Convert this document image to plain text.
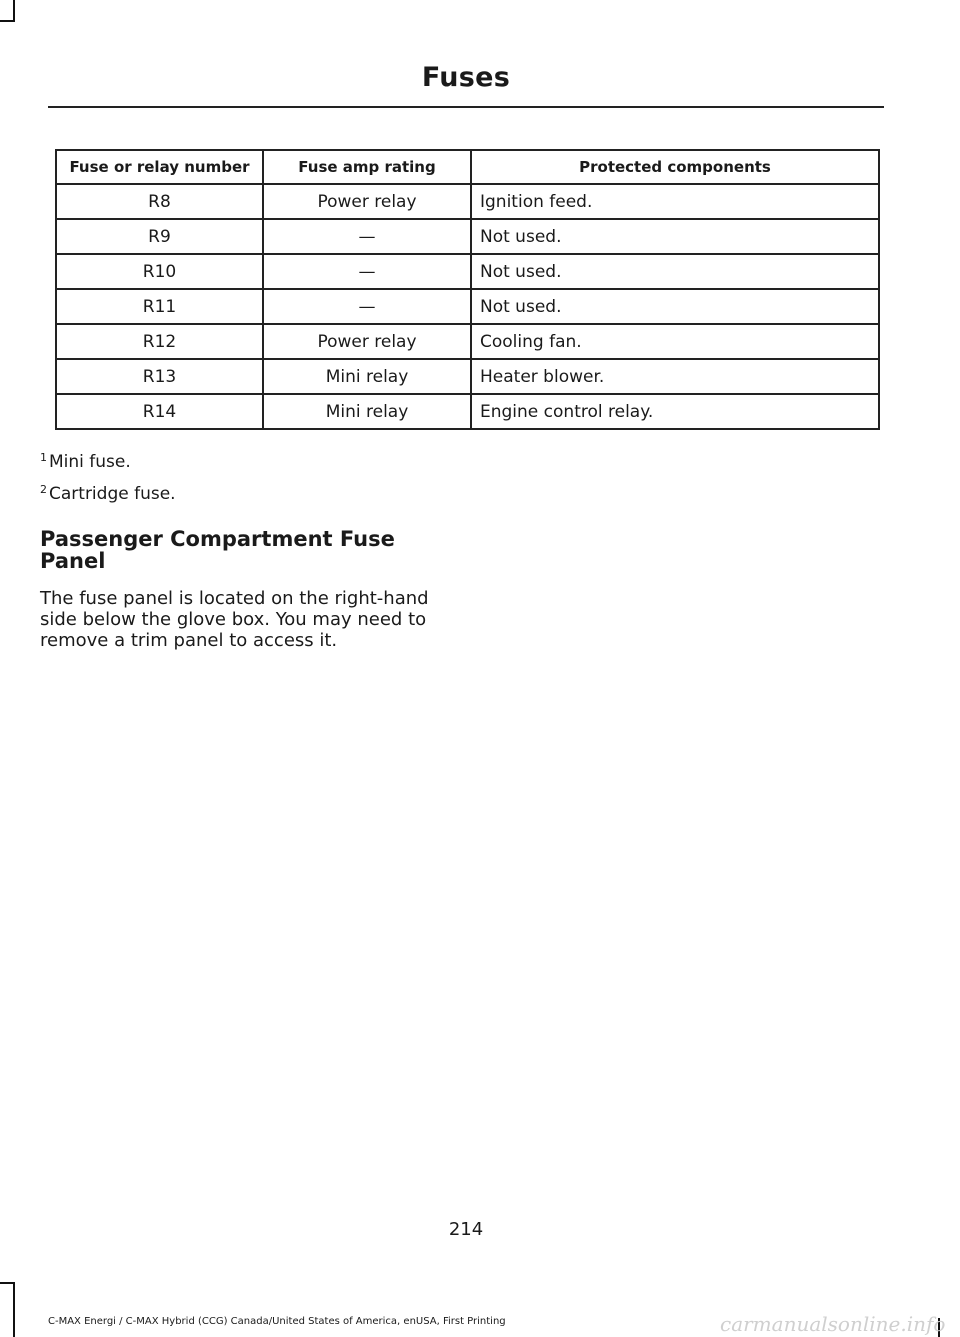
Fuses
Fuse or relay number	Fuse amp rating	Protected components
R8	Power relay	Ignition feed.
R9	—	Not used.
R10	—	Not used.
R11	—	Not used.
R12	Power relay	Cooling fan.
R13	Mini relay	Heater blower.
R14	Mini relay	Engine control relay.
$^1$ Mini fuse.
$^2$ Cartridge fuse.
Passenger Compartment Fuse Panel
The fuse panel is located on the right-hand side below the glove box. You may need to remove a trim panel to access it.
214
C-MAX Energi / C-MAX Hybrid (CCG) Canada/United States of America, enUSA, First Printing	carmanualsonline.info
